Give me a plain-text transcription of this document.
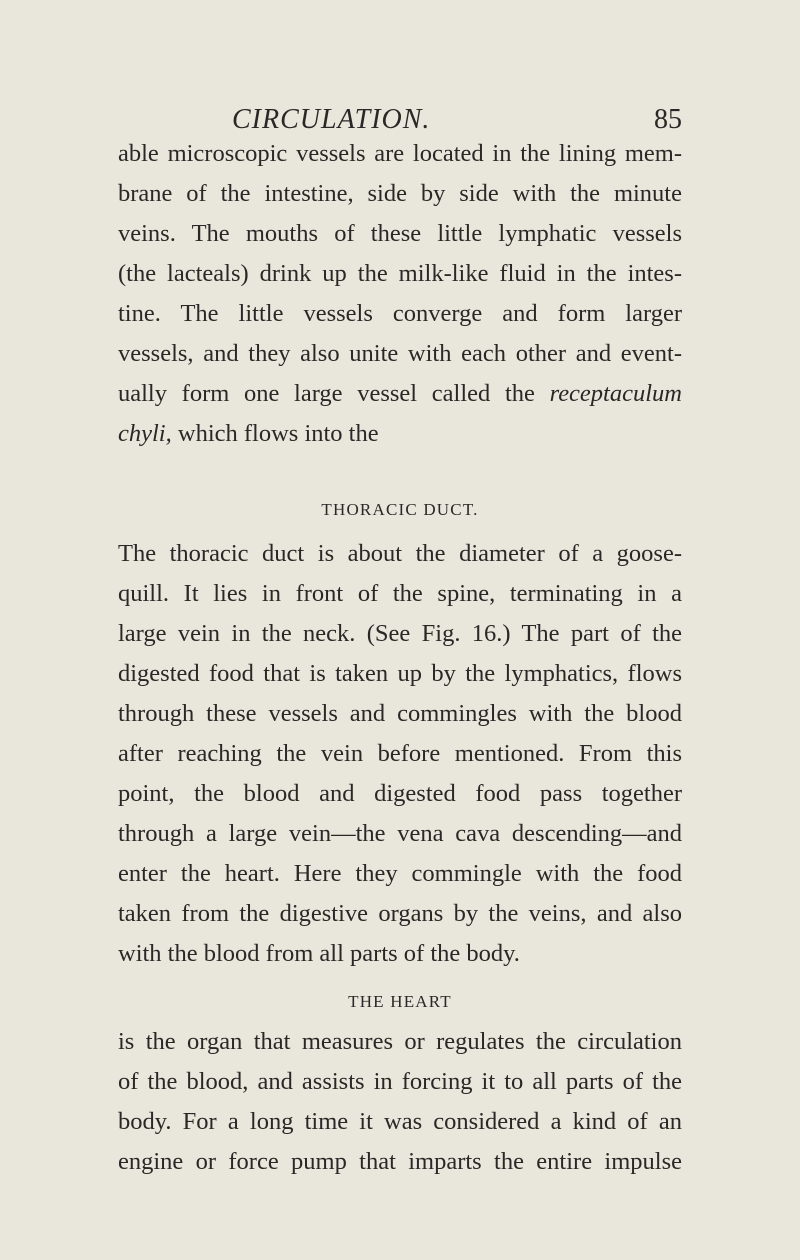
CIRCULATION.	85

able microscopic vessels are located in the lining mem-
brane of the intestine, side by side with the minute
veins. The mouths of these little lymphatic vessels
(the lacteals) drink up the milk-like fluid in the intes-
tine. The little vessels converge and form larger
vessels, and they also unite with each other and event-
ually form one large vessel called the receptaculum
chyli, which flows into the

THORACIC DUCT.

The thoracic duct is about the diameter of a goose-
quill. It lies in front of the spine, terminating in a
large vein in the neck. (See Fig. 16.) The part of the
digested food that is taken up by the lymphatics, flows
through these vessels and commingles with the blood
after reaching the vein before mentioned. From this
point, the blood and digested food pass together
through a large vein—the vena cava descending—and
enter the heart. Here they commingle with the food
taken from the digestive organs by the veins, and also
with the blood from all parts of the body.

THE HEART

is the organ that measures or regulates the circulation
of the blood, and assists in forcing it to all parts of the
body. For a long time it was considered a kind of an
engine or force pump that imparts the entire impulse
